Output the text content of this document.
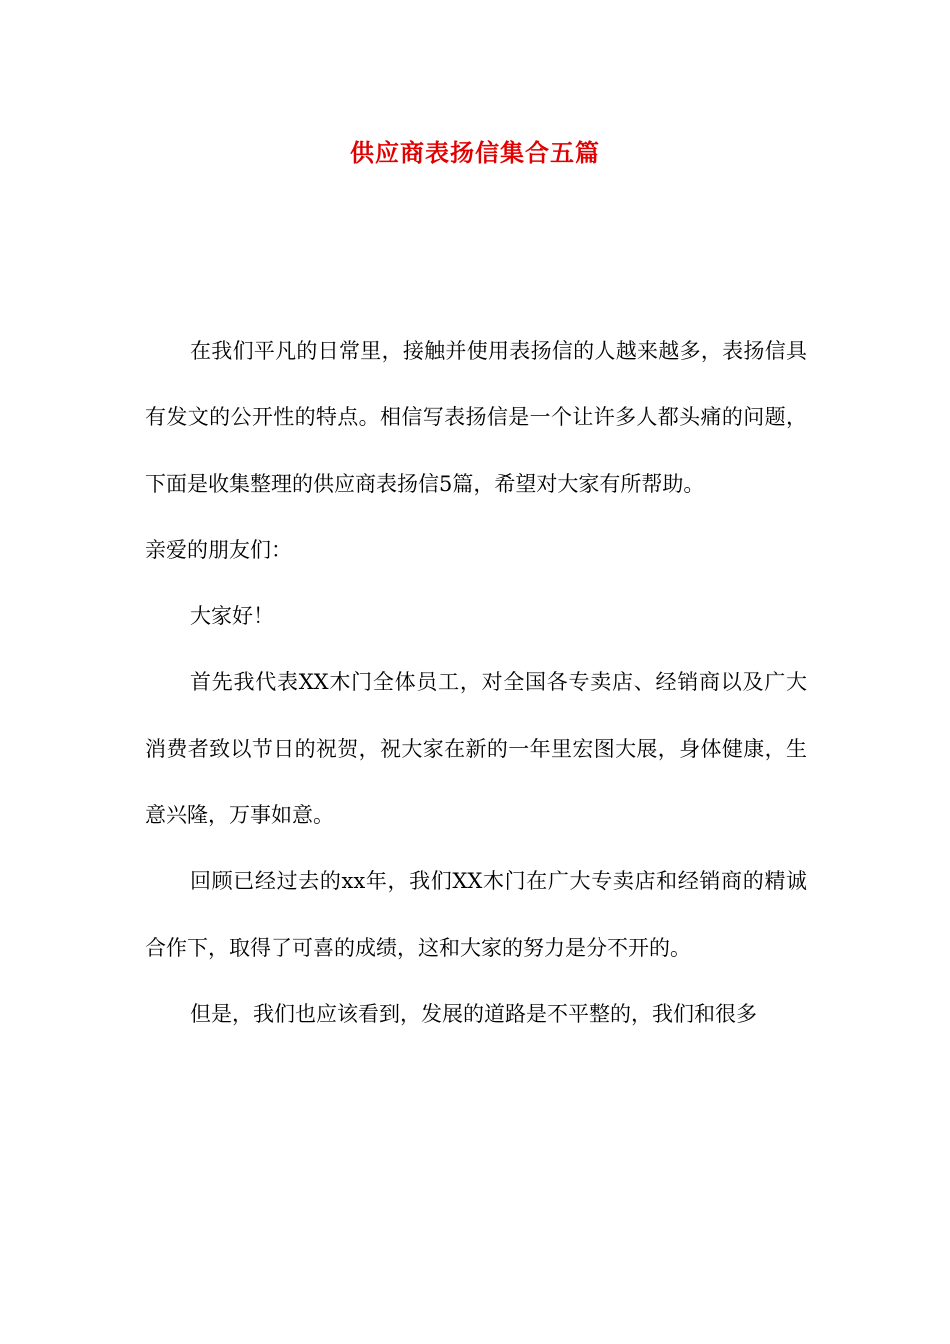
供应商表扬信集合五篇

在我们平凡的日常里，接触并使用表扬信的人越来越多，表扬信具有发文的公开性的特点。相信写表扬信是一个让许多人都头痛的问题，下面是收集整理的供应商表扬信5篇，希望对大家有所帮助。

亲爱的朋友们：

大家好！

首先我代表XX木门全体员工，对全国各专卖店、经销商以及广大消费者致以节日的祝贺，祝大家在新的一年里宏图大展，身体健康，生意兴隆，万事如意。

回顾已经过去的xx年，我们XX木门在广大专卖店和经销商的精诚合作下，取得了可喜的成绩，这和大家的努力是分不开的。

但是，我们也应该看到，发展的道路是不平整的，我们和很多
